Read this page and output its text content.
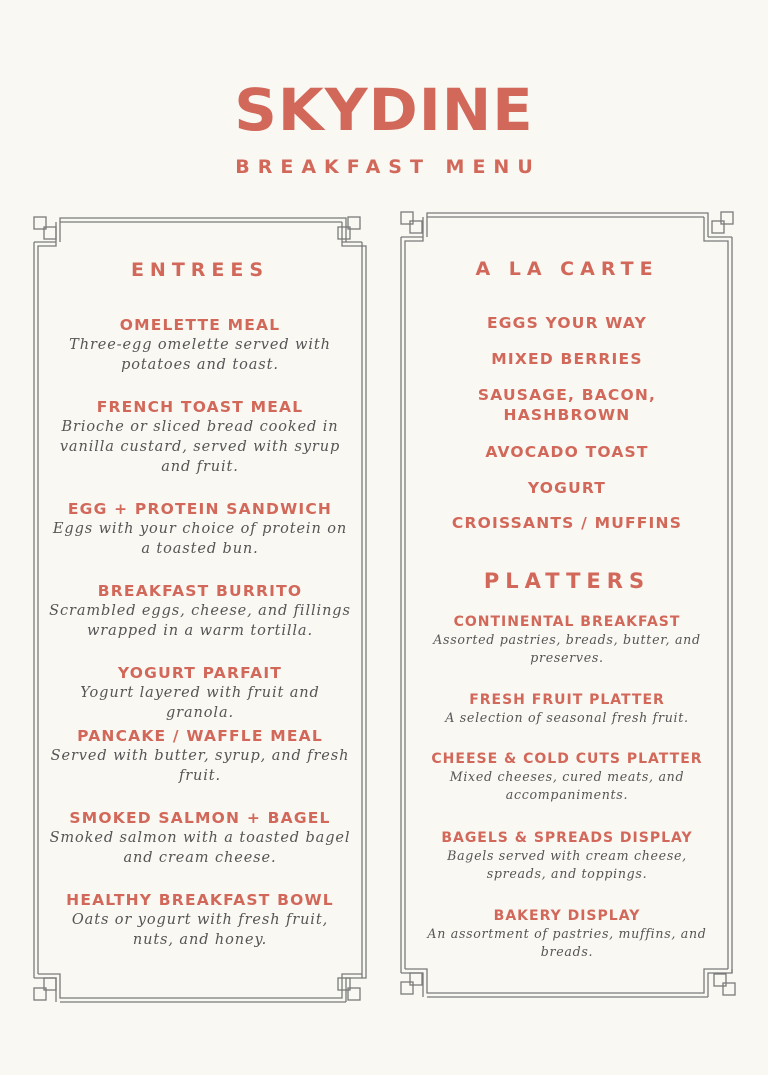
SKYDINE
BREAKFAST MENU
ENTREES
OMELETTE MEAL
Three-egg omelette served with potatoes and toast.
FRENCH TOAST MEAL
Brioche or sliced bread cooked in vanilla custard, served with syrup and fruit.
EGG + PROTEIN SANDWICH
Eggs with your choice of protein on a toasted bun.
BREAKFAST BURRITO
Scrambled eggs, cheese, and fillings wrapped in a warm tortilla.
YOGURT PARFAIT
Yogurt layered with fruit and granola.
PANCAKE / WAFFLE MEAL
Served with butter, syrup, and fresh fruit.
SMOKED SALMON + BAGEL
Smoked salmon with a toasted bagel and cream cheese.
HEALTHY BREAKFAST BOWL
Oats or yogurt with fresh fruit, nuts, and honey.
A LA CARTE
EGGS YOUR WAY
MIXED BERRIES
SAUSAGE, BACON, HASHBROWN
AVOCADO TOAST
YOGURT
CROISSANTS / MUFFINS
PLATTERS
CONTINENTAL BREAKFAST
Assorted pastries, breads, butter, and preserves.
FRESH FRUIT PLATTER
A selection of seasonal fresh fruit.
CHEESE & COLD CUTS PLATTER
Mixed cheeses, cured meats, and accompaniments.
BAGELS & SPREADS DISPLAY
Bagels served with cream cheese, spreads, and toppings.
BAKERY DISPLAY
An assortment of pastries, muffins, and breads.
